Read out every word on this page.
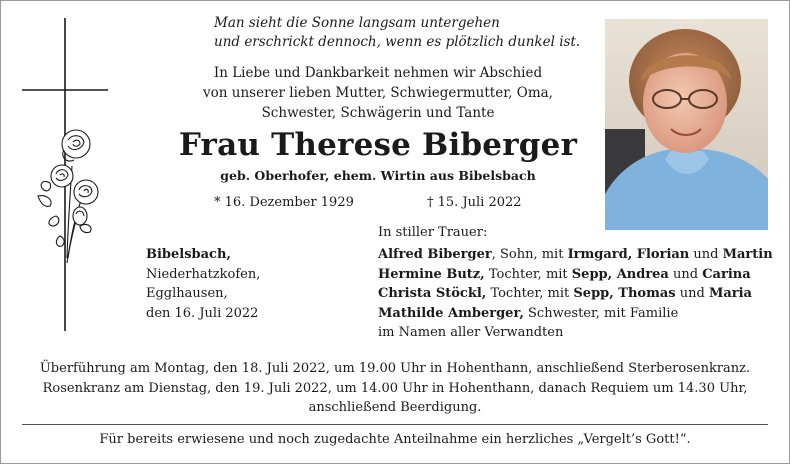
Man sieht die Sonne langsam untergehen
und erschrickt dennoch, wenn es plötzlich dunkel ist.
In Liebe und Dankbarkeit nehmen wir Abschied
von unserer lieben Mutter, Schwiegermutter, Oma,
Schwester, Schwägerin und Tante
Frau Therese Biberger
geb. Oberhofer, ehem. Wirtin aus Bibelsbach
* 16. Dezember 1929	† 15. Juli 2022
In stiller Trauer:
Bibelsbach,
Niederhatzkofen,
Egglhausen,
den 16. Juli 2022
Alfred Biberger, Sohn, mit Irmgard, Florian und Martin
Hermine Butz, Tochter, mit Sepp, Andrea und Carina
Christa Stöckl, Tochter, mit Sepp, Thomas und Maria
Mathilde Amberger, Schwester, mit Familie
im Namen aller Verwandten
Überführung am Montag, den 18. Juli 2022, um 19.00 Uhr in Hohenthann, anschließend Sterberosenkranz.
Rosenkranz am Dienstag, den 19. Juli 2022, um 14.00 Uhr in Hohenthann, danach Requiem um 14.30 Uhr,
anschließend Beerdigung.
Für bereits erwiesene und noch zugedachte Anteilnahme ein herzliches „Vergelt’s Gott!“.
